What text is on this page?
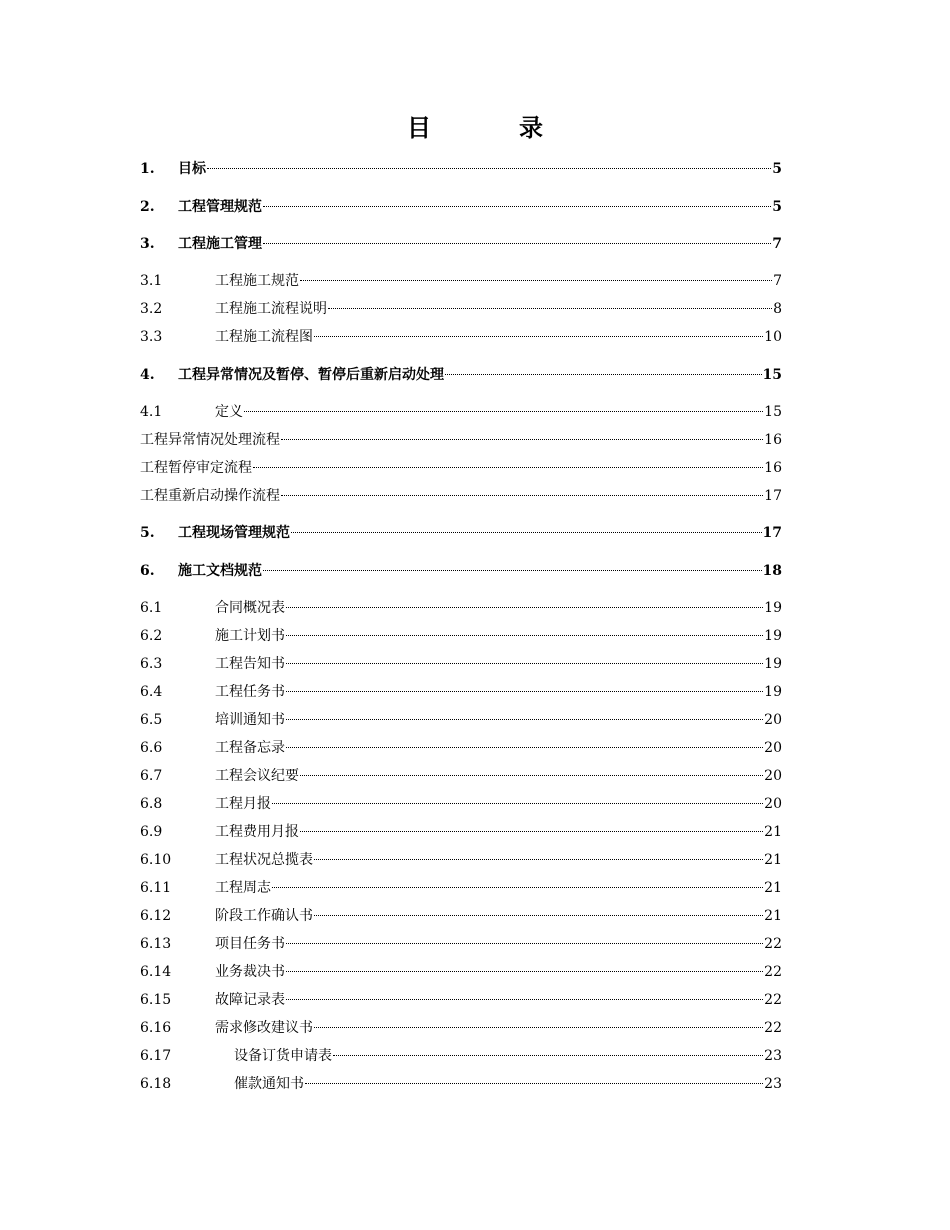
目　录
1.	目标	5
2.	工程管理规范	5
3.	工程施工管理	7
3.1	工程施工规范	7
3.2	工程施工流程说明	8
3.3	工程施工流程图	10
4.	工程异常情况及暂停、暂停后重新启动处理	15
4.1	定义	15
工程异常情况处理流程	16
工程暂停审定流程	16
工程重新启动操作流程	17
5.	工程现场管理规范	17
6.	施工文档规范	18
6.1	合同概况表	19
6.2	施工计划书	19
6.3	工程告知书	19
6.4	工程任务书	19
6.5	培训通知书	20
6.6	工程备忘录	20
6.7	工程会议纪要	20
6.8	工程月报	20
6.9	工程费用月报	21
6.10	工程状况总揽表	21
6.11	工程周志	21
6.12	阶段工作确认书	21
6.13	项目任务书	22
6.14	业务裁决书	22
6.15	故障记录表	22
6.16	需求修改建议书	22
6.17	设备订货申请表	23
6.18	催款通知书	23
